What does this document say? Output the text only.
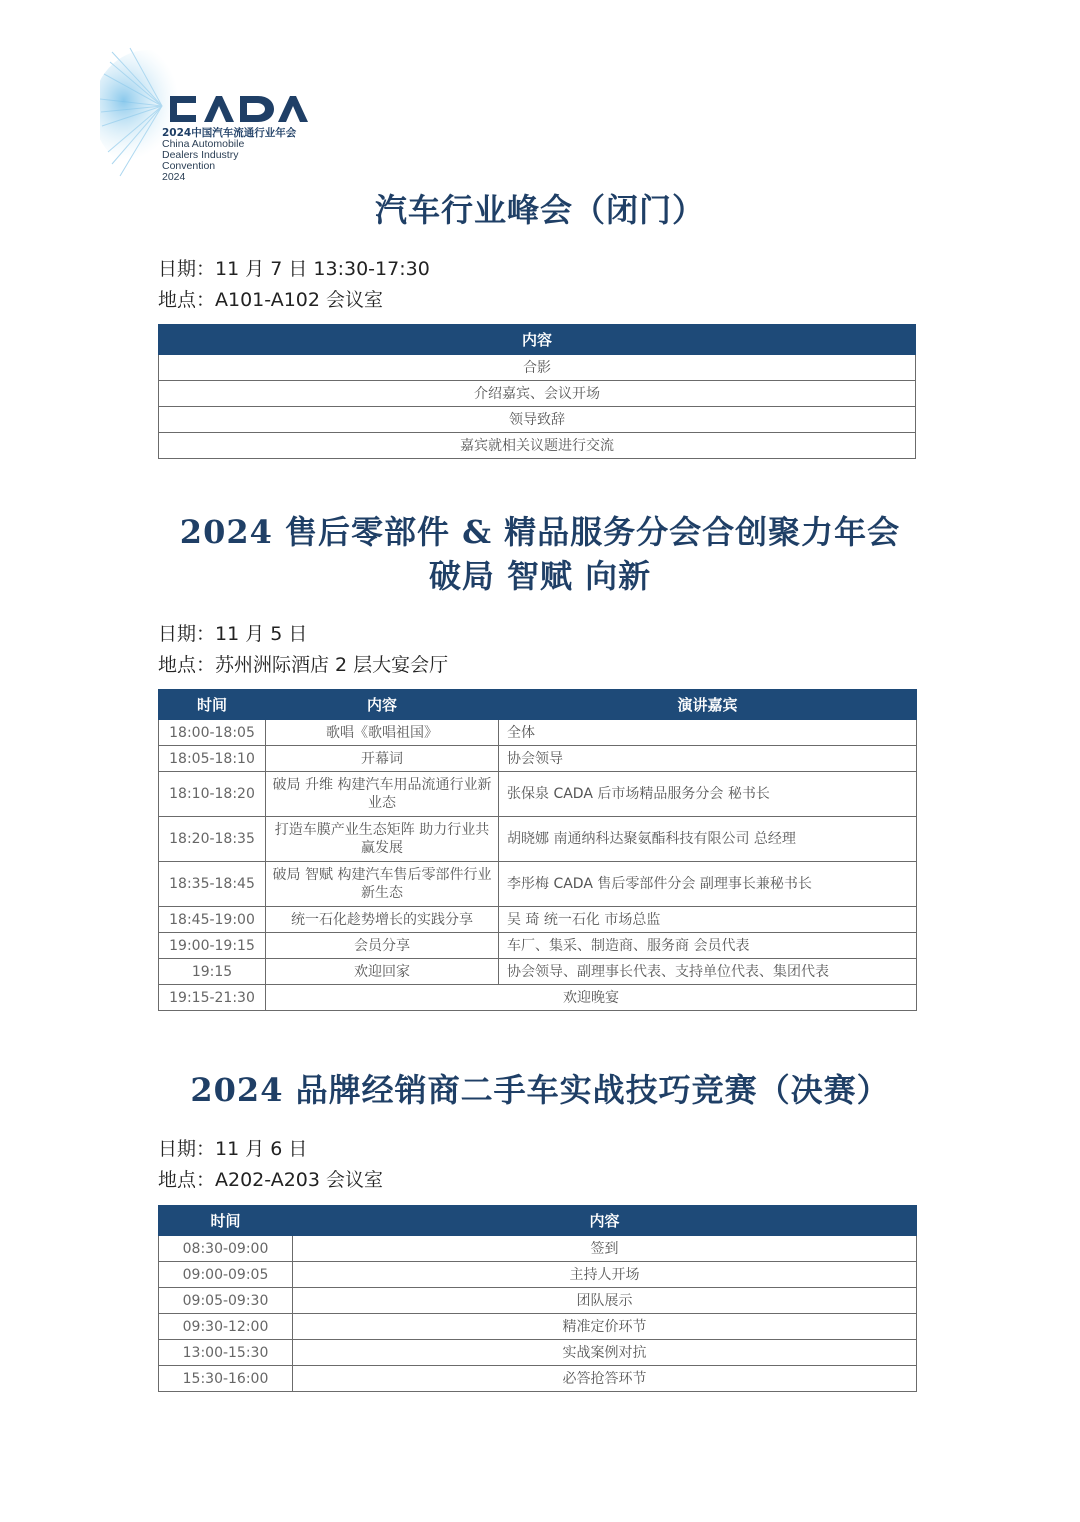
2024中国汽车流通行业年会
China Automobile
Dealers Industry
Convention
2024
汽车行业峰会（闭门）
日期：11 月 7 日 13:30-17:30
地点：A101-A102 会议室
内容
合影
介绍嘉宾、会议开场
领导致辞
嘉宾就相关议题进行交流
2024 售后零部件 & 精品服务分会合创聚力年会
破局 智赋 向新
日期：11 月 5 日
地点：苏州洲际酒店 2 层大宴会厅
时间	内容	演讲嘉宾
18:00-18:05	歌唱《歌唱祖国》	全体
18:05-18:10	开幕词	协会领导
18:10-18:20	破局 升维 构建汽车用品流通行业新业态	张保泉 CADA 后市场精品服务分会 秘书长
18:20-18:35	打造车膜产业生态矩阵 助力行业共赢发展	胡晓娜 南通纳科达聚氨酯科技有限公司 总经理
18:35-18:45	破局 智赋 构建汽车售后零部件行业新生态	李彤梅 CADA 售后零部件分会 副理事长兼秘书长
18:45-19:00	统一石化趁势增长的实践分享	吴 琦 统一石化 市场总监
19:00-19:15	会员分享	车厂、集采、制造商、服务商 会员代表
19:15	欢迎回家	协会领导、副理事长代表、支持单位代表、集团代表
19:15-21:30	欢迎晚宴	
2024 品牌经销商二手车实战技巧竞赛（决赛）
日期：11 月 6 日
地点：A202-A203 会议室
时间	内容
08:30-09:00	签到
09:00-09:05	主持人开场
09:05-09:30	团队展示
09:30-12:00	精准定价环节
13:00-15:30	实战案例对抗
15:30-16:00	必答抢答环节
